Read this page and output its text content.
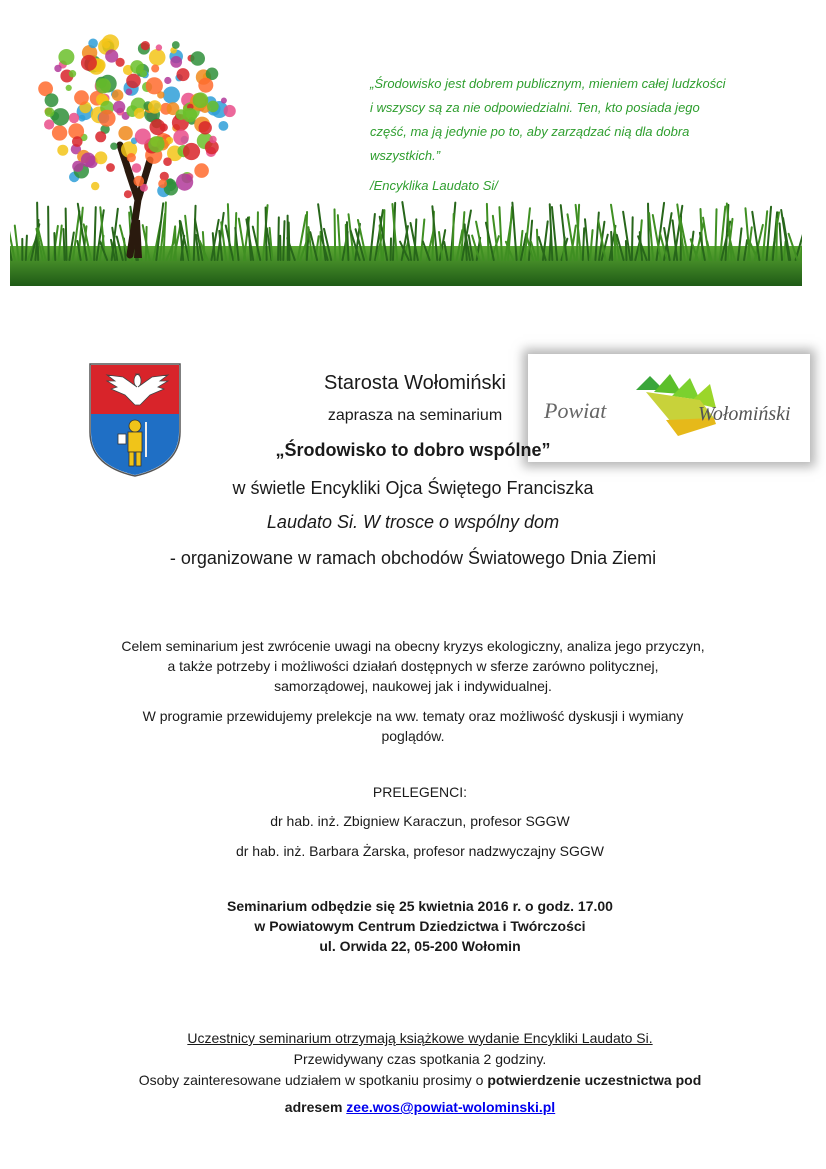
„Środowisko jest dobrem publicznym, mieniem całej ludzkości

i wszyscy są za nie odpowiedzialni. Ten, kto posiada jego

część, ma ją jedynie po to, aby zarządzać nią dla dobra

wszystkich.”

/Encyklika Laudato Si/

Powiat	Wołomiński
Starosta Wołomiński
zaprasza na seminarium
„Środowisko to dobro wspólne”
w świetle Encykliki Ojca Świętego Franciszka
Laudato Si. W trosce o wspólny dom
- organizowane w ramach obchodów Światowego Dnia Ziemi
Celem seminarium jest zwrócenie uwagi na obecny kryzys ekologiczny, analiza jego przyczyn,
a także potrzeby i możliwości działań dostępnych w sferze zarówno politycznej,
samorządowej, naukowej jak i indywidualnej.
W programie przewidujemy prelekcje na ww. tematy oraz możliwość dyskusji i wymiany
poglądów.
PRELEGENCI:
dr hab. inż. Zbigniew Karaczun, profesor SGGW
dr hab. inż. Barbara Żarska, profesor nadzwyczajny SGGW
Seminarium odbędzie się 25 kwietnia 2016 r. o godz. 17.00
w Powiatowym Centrum Dziedzictwa i Twórczości
ul. Orwida 22, 05-200 Wołomin
Uczestnicy seminarium otrzymają książkowe wydanie Encykliki Laudato Si.
Przewidywany czas spotkania 2 godziny.
Osoby zainteresowane udziałem w spotkaniu prosimy o potwierdzenie uczestnictwa pod
adresem zee.wos@powiat-wolominski.pl
